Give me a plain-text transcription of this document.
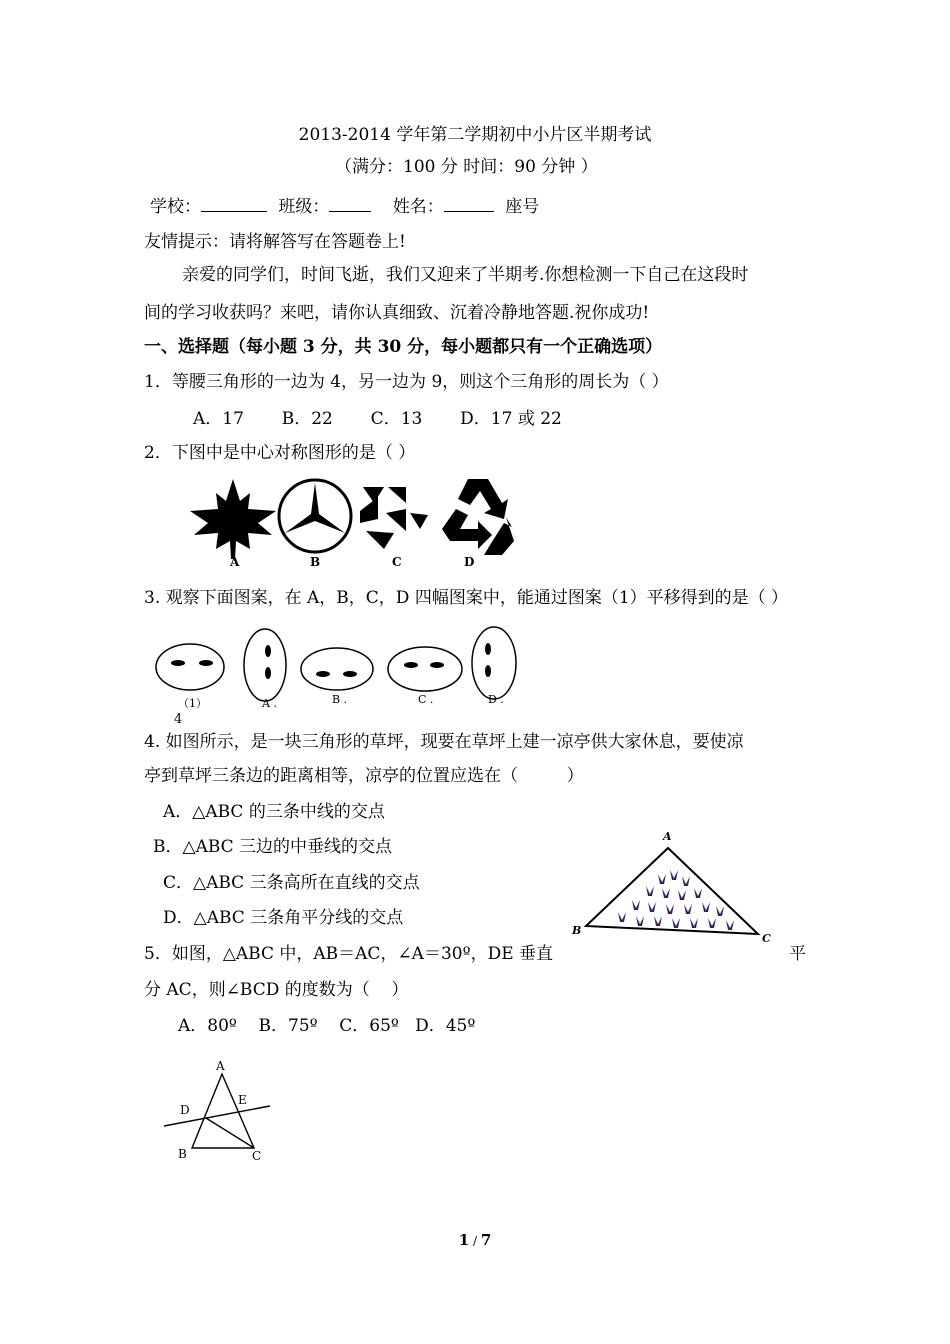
2013-2014 学年第二学期初中小片区半期考试
（满分：100 分 时间：90 分钟 ）
学校：	班级：	姓名：	座号
友情提示：请将解答写在答题卷上!
亲爱的同学们，时间飞逝，我们又迎来了半期考.你想检测一下自己在这段时
间的学习收获吗？来吧，请你认真细致、沉着冷静地答题.祝你成功!
一、选择题（每小题 3 分，共 30 分，每小题都只有一个正确选项）
1．等腰三角形的一边为 4，另一边为 9，则这个三角形的周长为（ ）
A．17       B．22       C．13       D．17 或 22
2．下图中是中心对称图形的是（ ）
A	B	C	D
3. 观察下面图案，在 A，B，C，D 四幅图案中，能通过图案（1）平移得到的是（ ）
（1）	A .	B .	C .	D .
4
4. 如图所示，是一块三角形的草坪，现要在草坪上建一凉亭供大家休息，要使凉
亭到草坪三条边的距离相等，凉亭的位置应选在（         ）
A．△ABC 的三条中线的交点
B．△ABC 三边的中垂线的交点
C．△ABC 三条高所在直线的交点
D．△ABC 三条角平分线的交点
A
B
C
5．如图，△ABC 中，AB＝AC，∠A＝30º，DE 垂直	平
分 AC，则∠BCD 的度数为（    ）
A．80º    B．75º    C．65º   D．45º
A
D
E
B	C
1 / 7
